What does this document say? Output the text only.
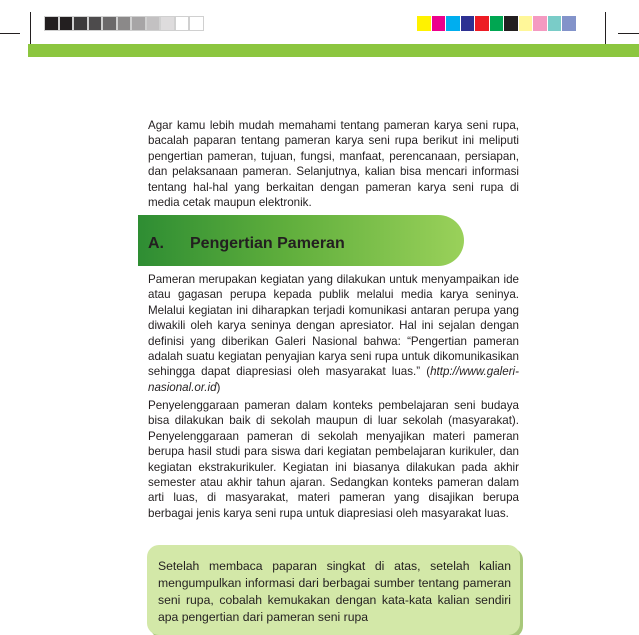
Agar kamu lebih mudah memahami tentang pameran karya seni rupa, bacalah paparan tentang pameran karya seni rupa berikut ini meliputi pengertian pameran, tujuan, fungsi, manfaat, perencanaan, persiapan, dan pelaksanaan pameran. Selanjutnya, kalian bisa mencari informasi tentang hal-hal yang berkaitan dengan pameran karya seni rupa di media cetak maupun elektronik.

A. Pengertian Pameran

Pameran merupakan kegiatan yang dilakukan untuk menyampaikan ide atau gagasan perupa kepada publik melalui media karya seninya. Melalui kegiatan ini diharapkan terjadi komunikasi antaran perupa yang diwakili oleh karya seninya dengan apresiator. Hal ini sejalan dengan definisi yang diberikan Galeri Nasional bahwa: “Pengertian pameran adalah suatu kegiatan penyajian karya seni rupa untuk dikomunikasikan sehingga dapat diapresiasi oleh masyarakat luas.” (http://www.galeri-nasional.or.id)

Penyelenggaraan pameran dalam konteks pembelajaran seni budaya bisa dilakukan baik di sekolah maupun di luar sekolah (masyarakat). Penyelenggaraan pameran di sekolah menyajikan materi pameran berupa hasil studi para siswa dari kegiatan pembelajaran kurikuler, dan kegiatan ekstrakurikuler. Kegiatan ini biasanya dilakukan pada akhir semester atau akhir tahun ajaran. Sedangkan konteks pameran dalam arti luas, di masyarakat, materi pameran yang disajikan berupa berbagai jenis karya seni rupa untuk diapresiasi oleh masyarakat luas.

Setelah membaca paparan singkat di atas, setelah kalian mengumpulkan informasi dari berbagai sumber tentang pameran seni rupa, cobalah kemukakan dengan kata-kata kalian sendiri apa pengertian dari pameran seni rupa
